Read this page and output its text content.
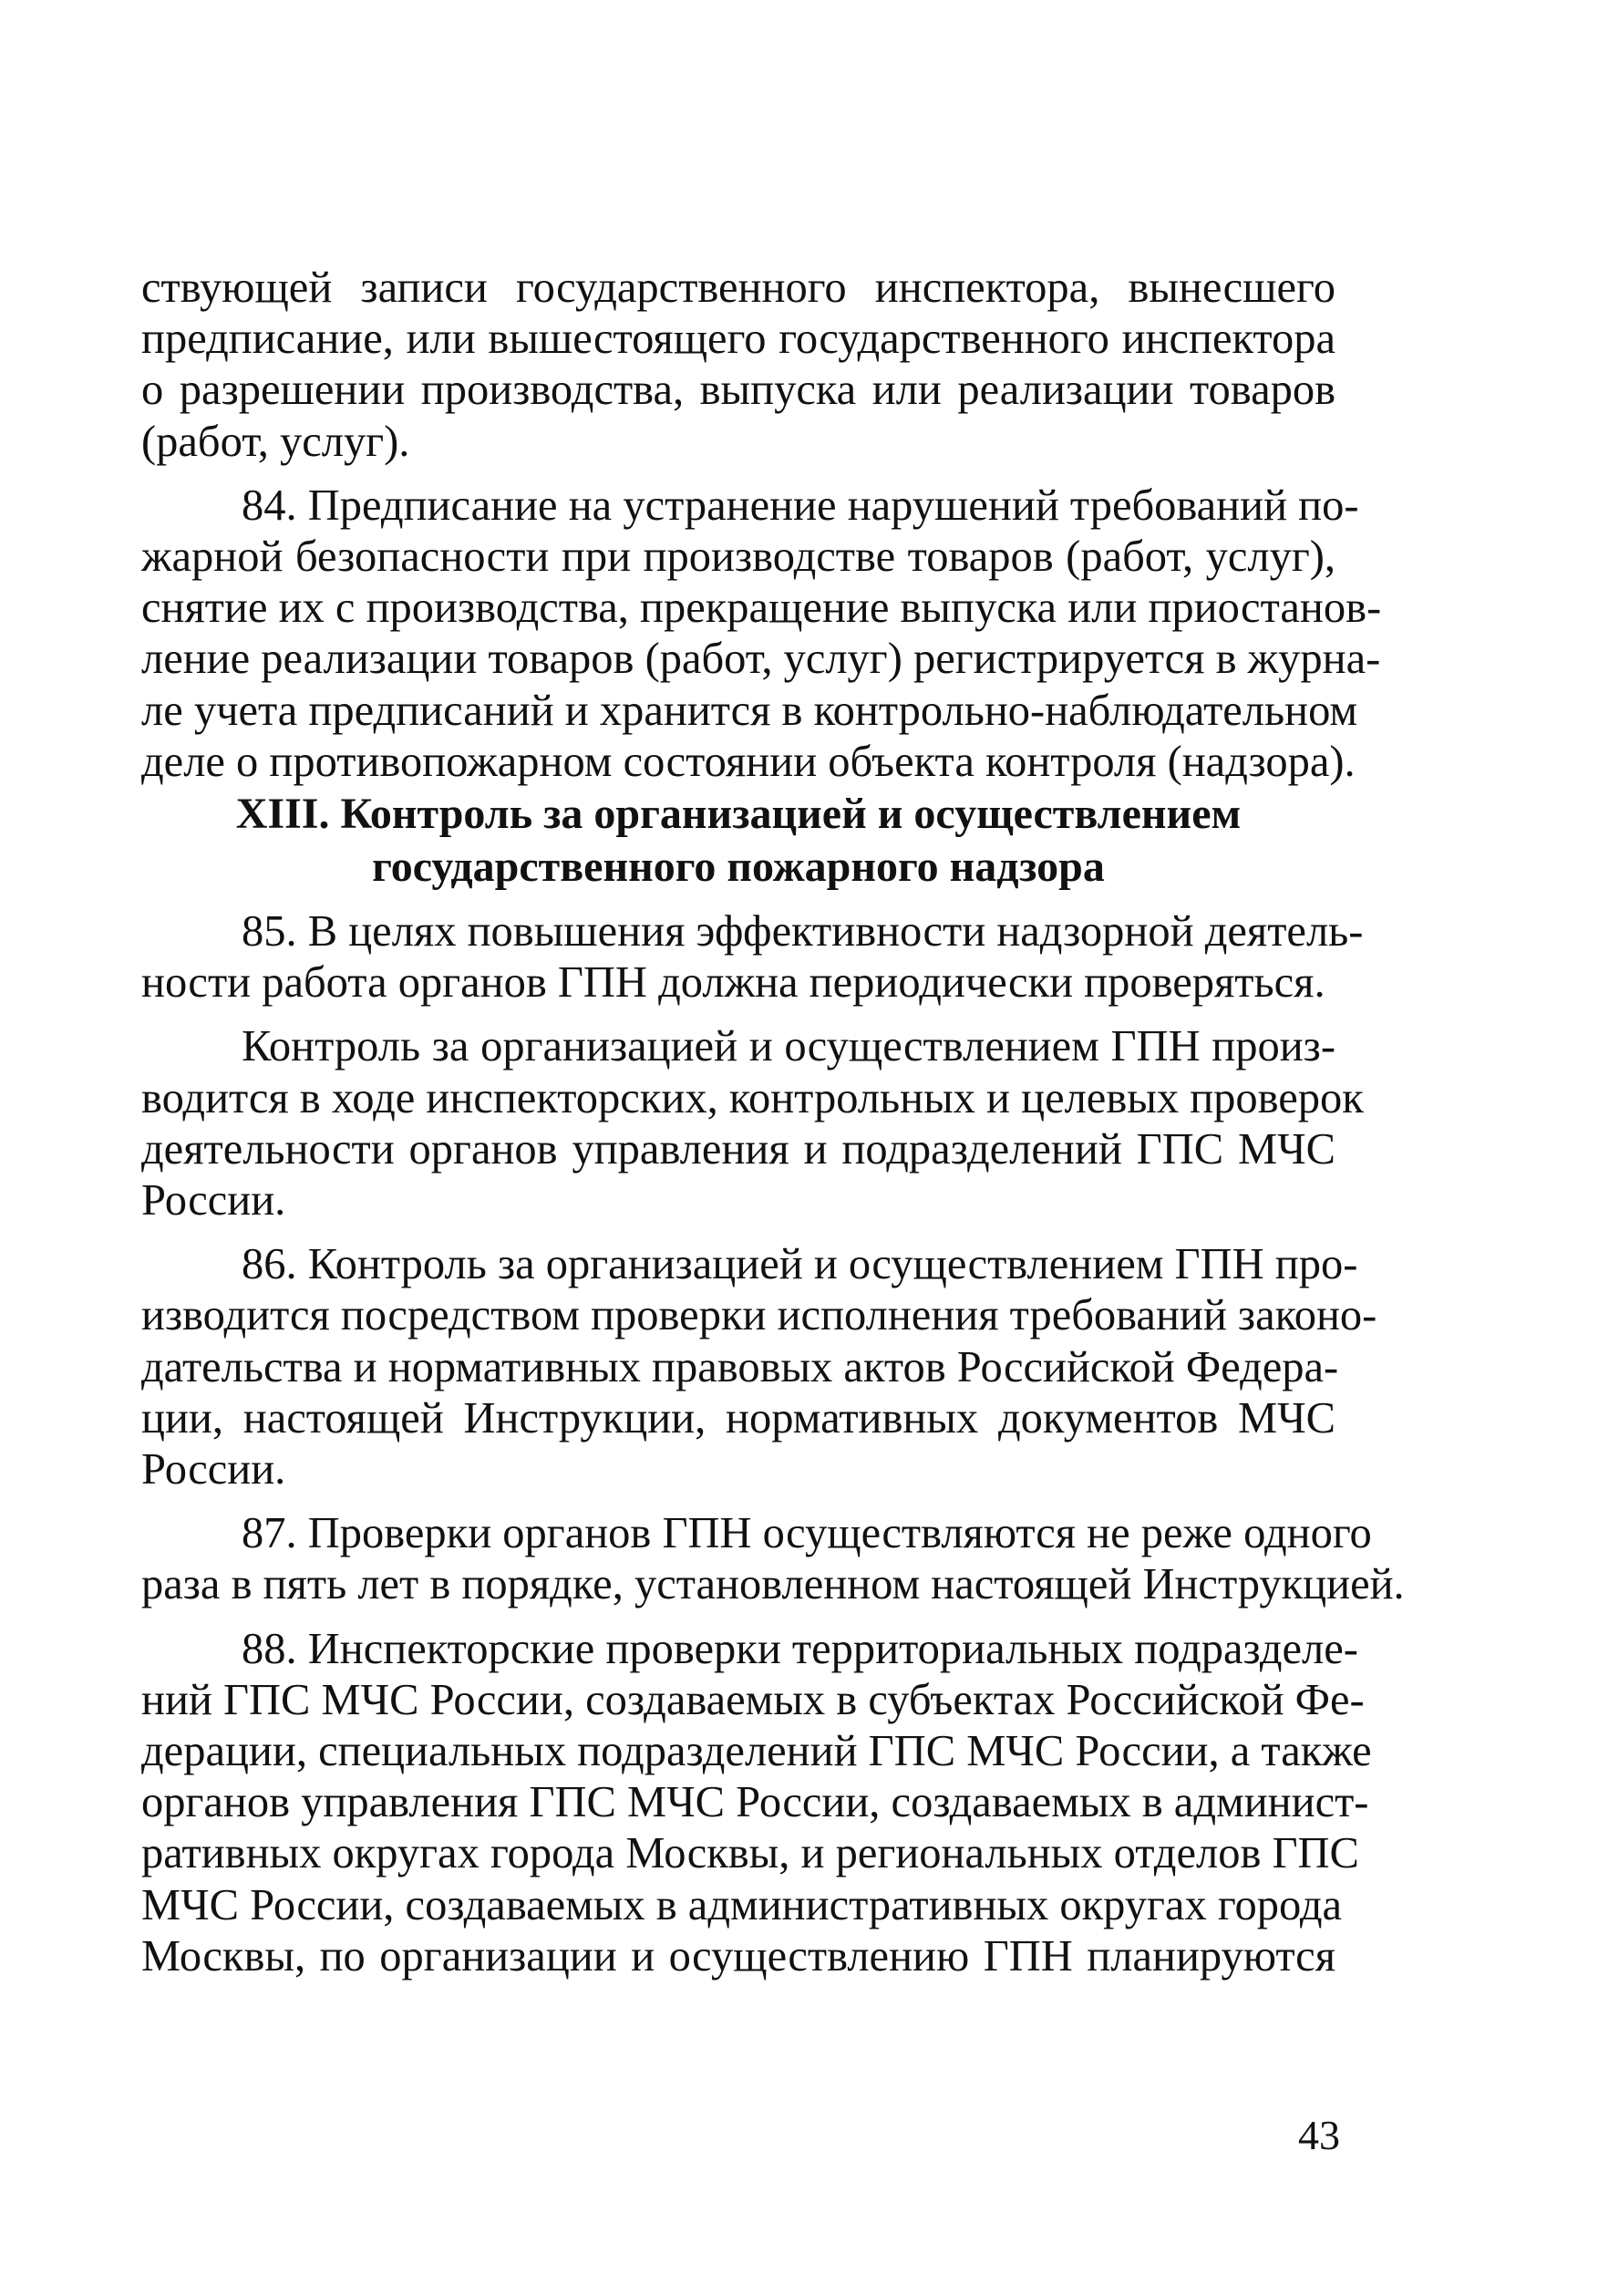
ствующей записи государственного инспектора, вынесшего
предписание, или вышестоящего государственного инспектора
о разрешении производства, выпуска или реализации товаров
(работ, услуг).

84. Предписание на устранение нарушений требований по-
жарной безопасности при производстве товаров (работ, услуг),
снятие их с производства, прекращение выпуска или приостанов-
ление реализации товаров (работ, услуг) регистрируется в журна-
ле учета предписаний и хранится в контрольно-наблюдательном
деле о противопожарном состоянии объекта контроля (надзора).

XIII. Контроль за организацией и осуществлением
государственного пожарного надзора

85. В целях повышения эффективности надзорной деятель-
ности работа органов ГПН должна периодически проверяться.

Контроль за организацией и осуществлением ГПН произ-
водится в ходе инспекторских, контрольных и целевых проверок
деятельности органов управления и подразделений ГПС МЧС
России.

86. Контроль за организацией и осуществлением ГПН про-
изводится посредством проверки исполнения требований законо-
дательства и нормативных правовых актов Российской Федера-
ции, настоящей Инструкции, нормативных документов МЧС
России.

87. Проверки органов ГПН осуществляются не реже одного
раза в пять лет в порядке, установленном настоящей Инструкцией.

88. Инспекторские проверки территориальных подразделе-
ний ГПС МЧС России, создаваемых в субъектах Российской Фе-
дерации, специальных подразделений ГПС МЧС России, а также
органов управления ГПС МЧС России, создаваемых в админист-
ративных округах города Москвы, и региональных отделов ГПС
МЧС России, создаваемых в административных округах города
Москвы, по организации и осуществлению ГПН планируются

43
